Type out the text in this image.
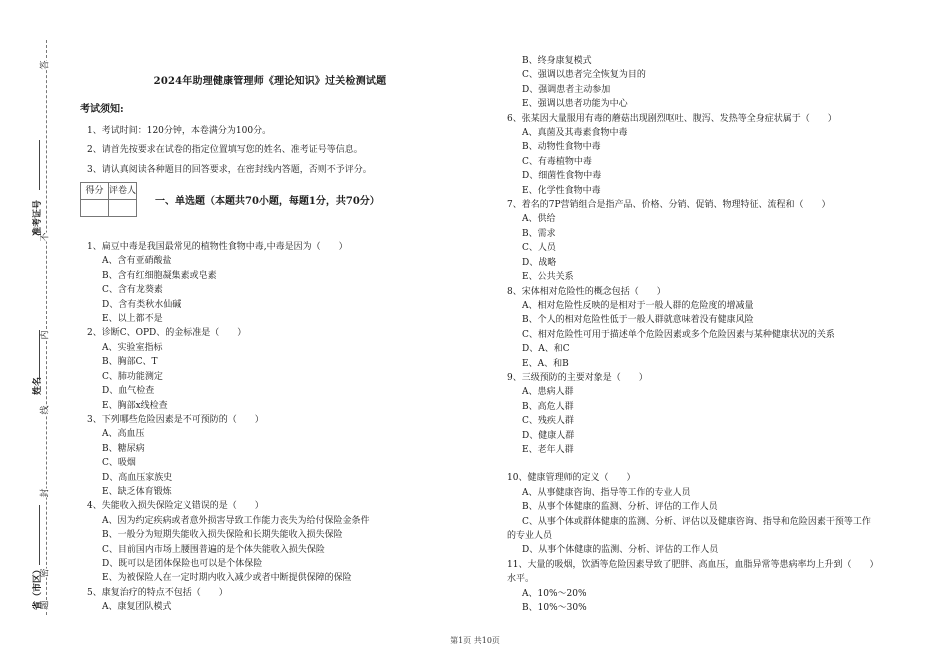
答
题
不
内
线
封
密
准考证号
姓名
省（市区）
2024年助理健康管理师《理论知识》过关检测试题
考试须知:
1、考试时间：120分钟，本卷满分为100分。
2、请首先按要求在试卷的指定位置填写您的姓名、准考证号等信息。
3、请认真阅读各种题目的回答要求，在密封线内答题，否则不予评分。
得分	评卷人

一、单选题（本题共70小题，每题1分，共70分）
1、扁豆中毒是我国最常见的植物性食物中毒,中毒是因为（　　）
A、含有亚硝酸盐
B、含有红细胞凝集素或皂素
C、含有龙葵素
D、含有类秋水仙碱
E、以上都不是
2、诊断C、OPD、的金标准是（　　）
A、实验室指标
B、胸部C、T
C、肺功能测定
D、血气检查
E、胸部x线检查
3、下列哪些危险因素是不可预防的（　　）
A、高血压
B、糖尿病
C、吸烟
D、高血压家族史
E、缺乏体育锻炼
4、失能收入损失保险定义错误的是（　　）
A、因为约定疾病或者意外损害导致工作能力丧失为给付保险金条件
B、一般分为短期失能收入损失保险和长期失能收入损失保险
C、目前国内市场上腰围普遍的是个体失能收入损失保险
D、既可以是团体保险也可以是个体保险
E、为被保险人在一定时期内收入减少或者中断提供保障的保险
5、康复治疗的特点不包括（　　）
A、康复团队模式
B、终身康复模式
C、强调以患者完全恢复为目的
D、强调患者主动参加
E、强调以患者功能为中心
6、张某因大量服用有毒的蘑菇出现剧烈呕吐、腹泻、发热等全身症状属于（　　）
A、真菌及其毒素食物中毒
B、动物性食物中毒
C、有毒植物中毒
D、细菌性食物中毒
E、化学性食物中毒
7、着名的7P营销组合是指产品、价格、分销、促销、物理特征、流程和（　　）
A、供给
B、需求
C、人员
D、战略
E、公共关系
8、宋体相对危险性的概念包括（　　）
A、相对危险性反映的是相对于一般人群的危险度的增减量
B、个人的相对危险性低于一般人群就意味着没有健康风险
C、相对危险性可用于描述单个危险因素或多个危险因素与某种健康状况的关系
D、A、和C
E、A、和B
9、三级预防的主要对象是（　　）
A、患病人群
B、高危人群
C、残疾人群
D、健康人群
E、老年人群
10、健康管理师的定义（　　）
A、从事健康咨询、指导等工作的专业人员
B、从事个体健康的监测、分析、评估的工作人员
C、从事个体或群体健康的监测、分析、评估以及健康咨询、指导和危险因素干预等工作
的专业人员
D、从事个体健康的监测、分析、评估的工作人员
11、大量的吸烟，饮酒等危险因素导致了肥胖、高血压，血脂异常等患病率均上升到（　　）
水平。
A、10%～20%
B、10%～30%
第1页 共10页
